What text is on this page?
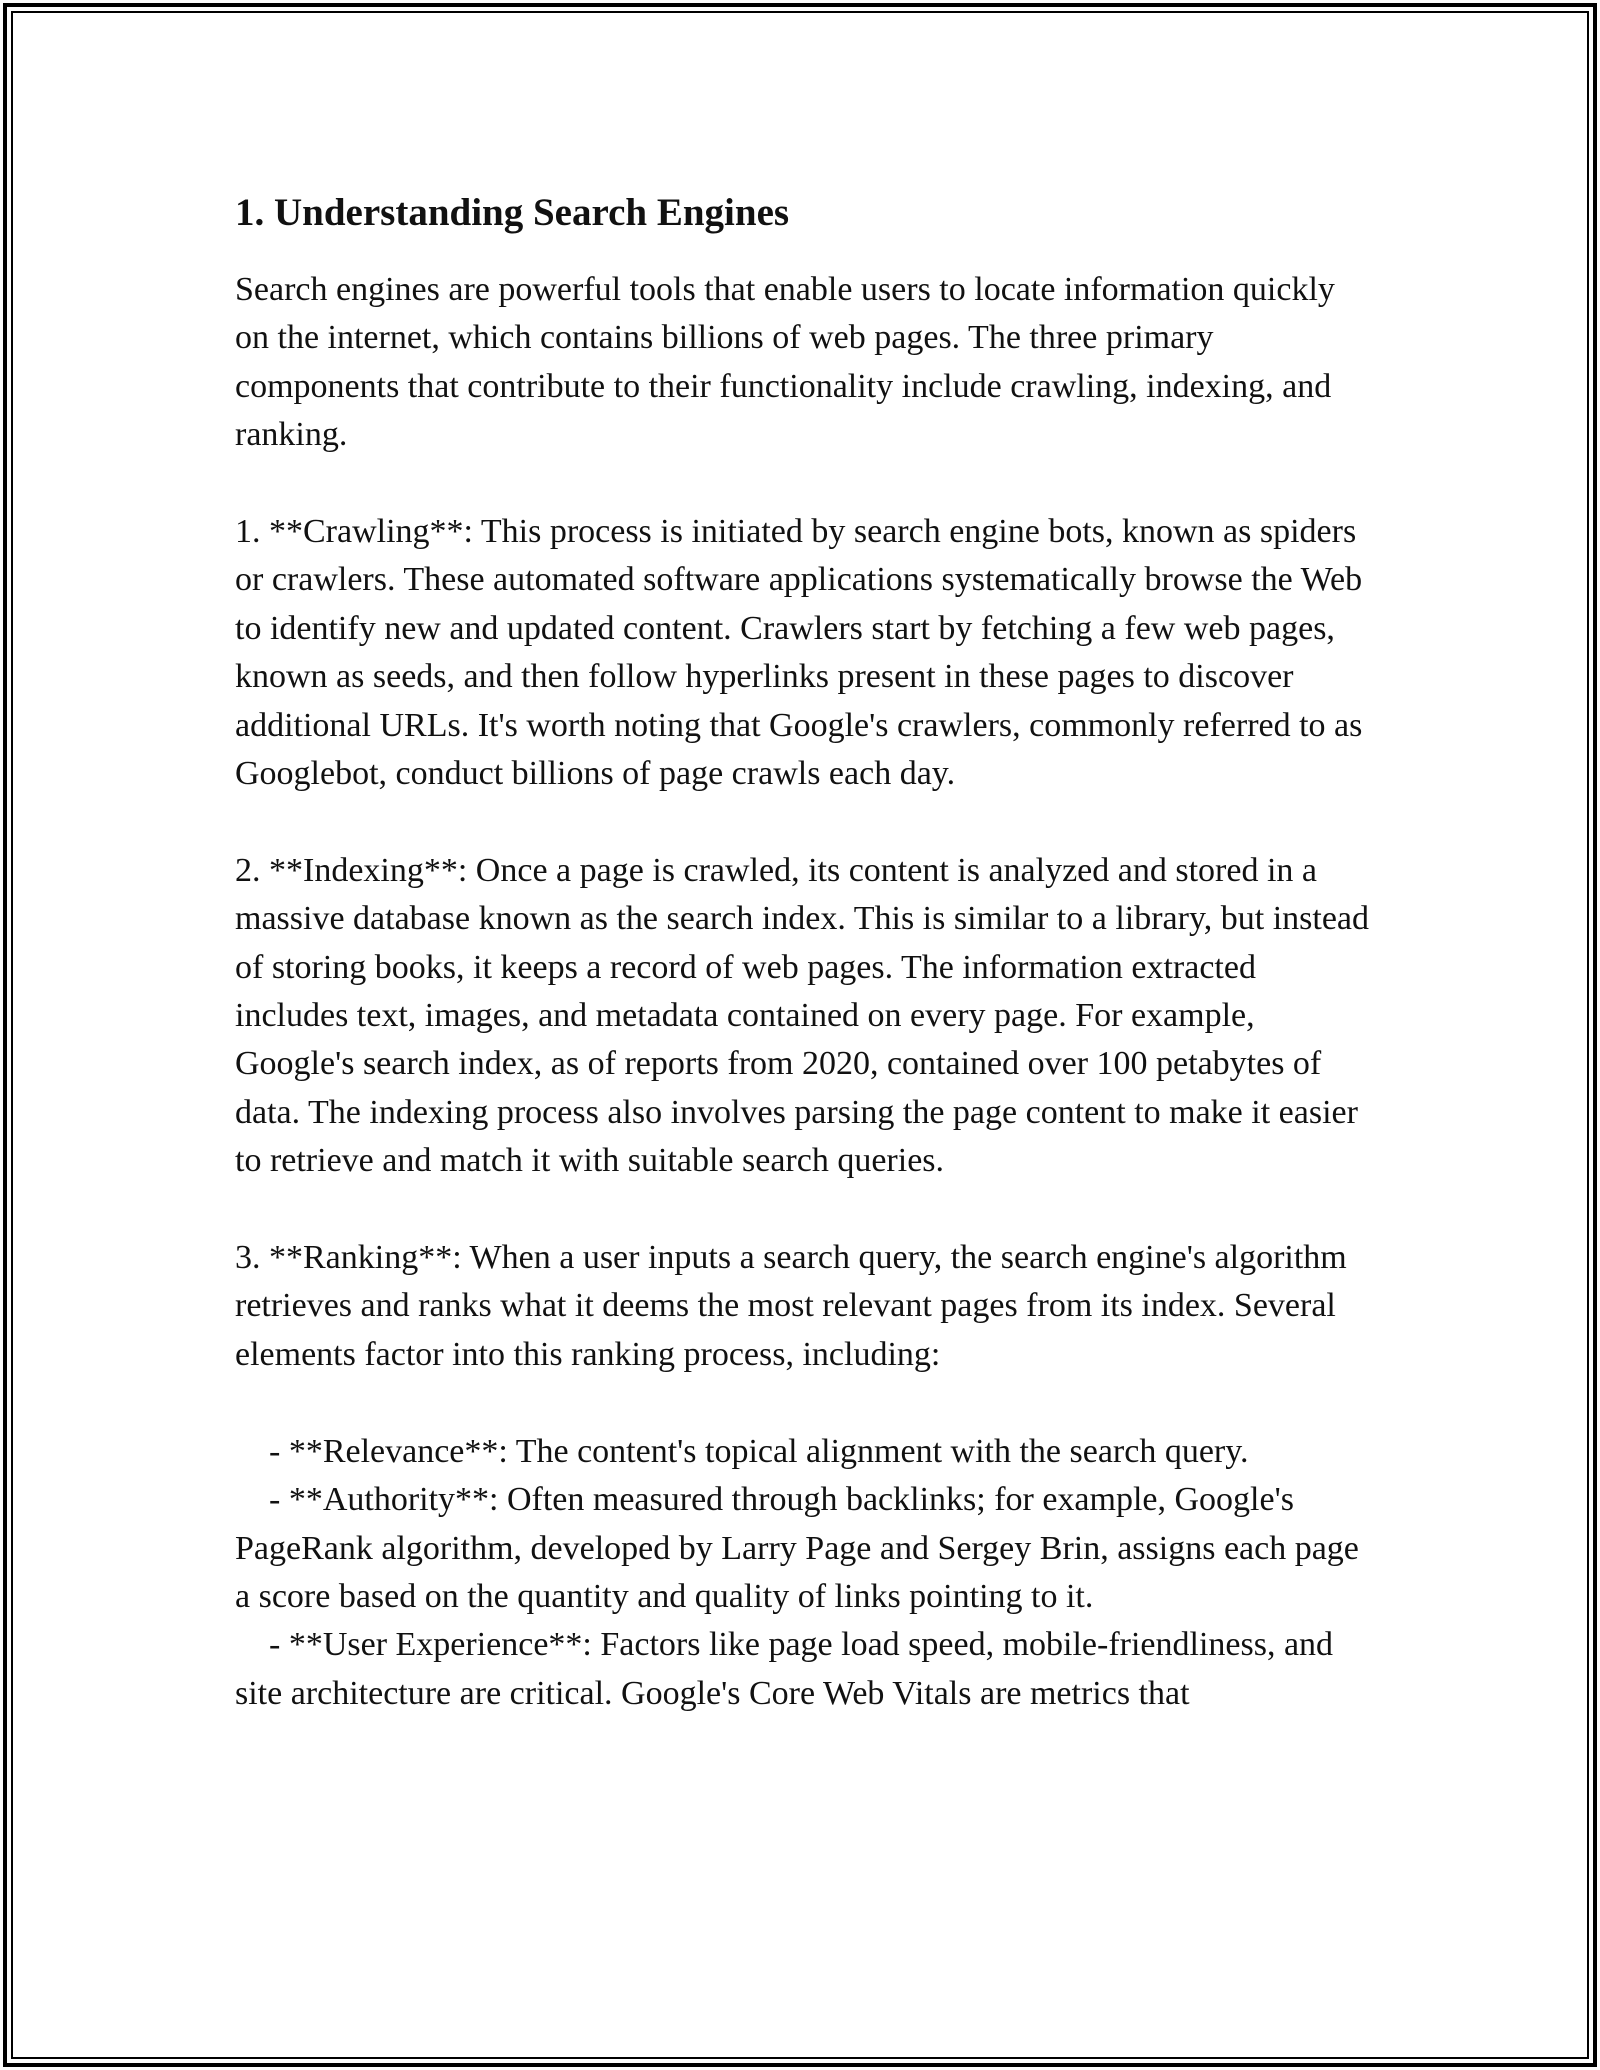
1. Understanding Search Engines

Search engines are powerful tools that enable users to locate information quickly on the internet, which contains billions of web pages. The three primary components that contribute to their functionality include crawling, indexing, and ranking.

1. **Crawling**: This process is initiated by search engine bots, known as spiders or crawlers. These automated software applications systematically browse the Web to identify new and updated content. Crawlers start by fetching a few web pages, known as seeds, and then follow hyperlinks present in these pages to discover additional URLs. It's worth noting that Google's crawlers, commonly referred to as Googlebot, conduct billions of page crawls each day.

2. **Indexing**: Once a page is crawled, its content is analyzed and stored in a massive database known as the search index. This is similar to a library, but instead of storing books, it keeps a record of web pages. The information extracted includes text, images, and metadata contained on every page. For example, Google's search index, as of reports from 2020, contained over 100 petabytes of data. The indexing process also involves parsing the page content to make it easier to retrieve and match it with suitable search queries.

3. **Ranking**: When a user inputs a search query, the search engine's algorithm retrieves and ranks what it deems the most relevant pages from its index. Several elements factor into this ranking process, including:

- **Relevance**: The content's topical alignment with the search query.

- **Authority**: Often measured through backlinks; for example, Google's PageRank algorithm, developed by Larry Page and Sergey Brin, assigns each page a score based on the quantity and quality of links pointing to it.

- **User Experience**: Factors like page load speed, mobile-friendliness, and site architecture are critical. Google's Core Web Vitals are metrics that
